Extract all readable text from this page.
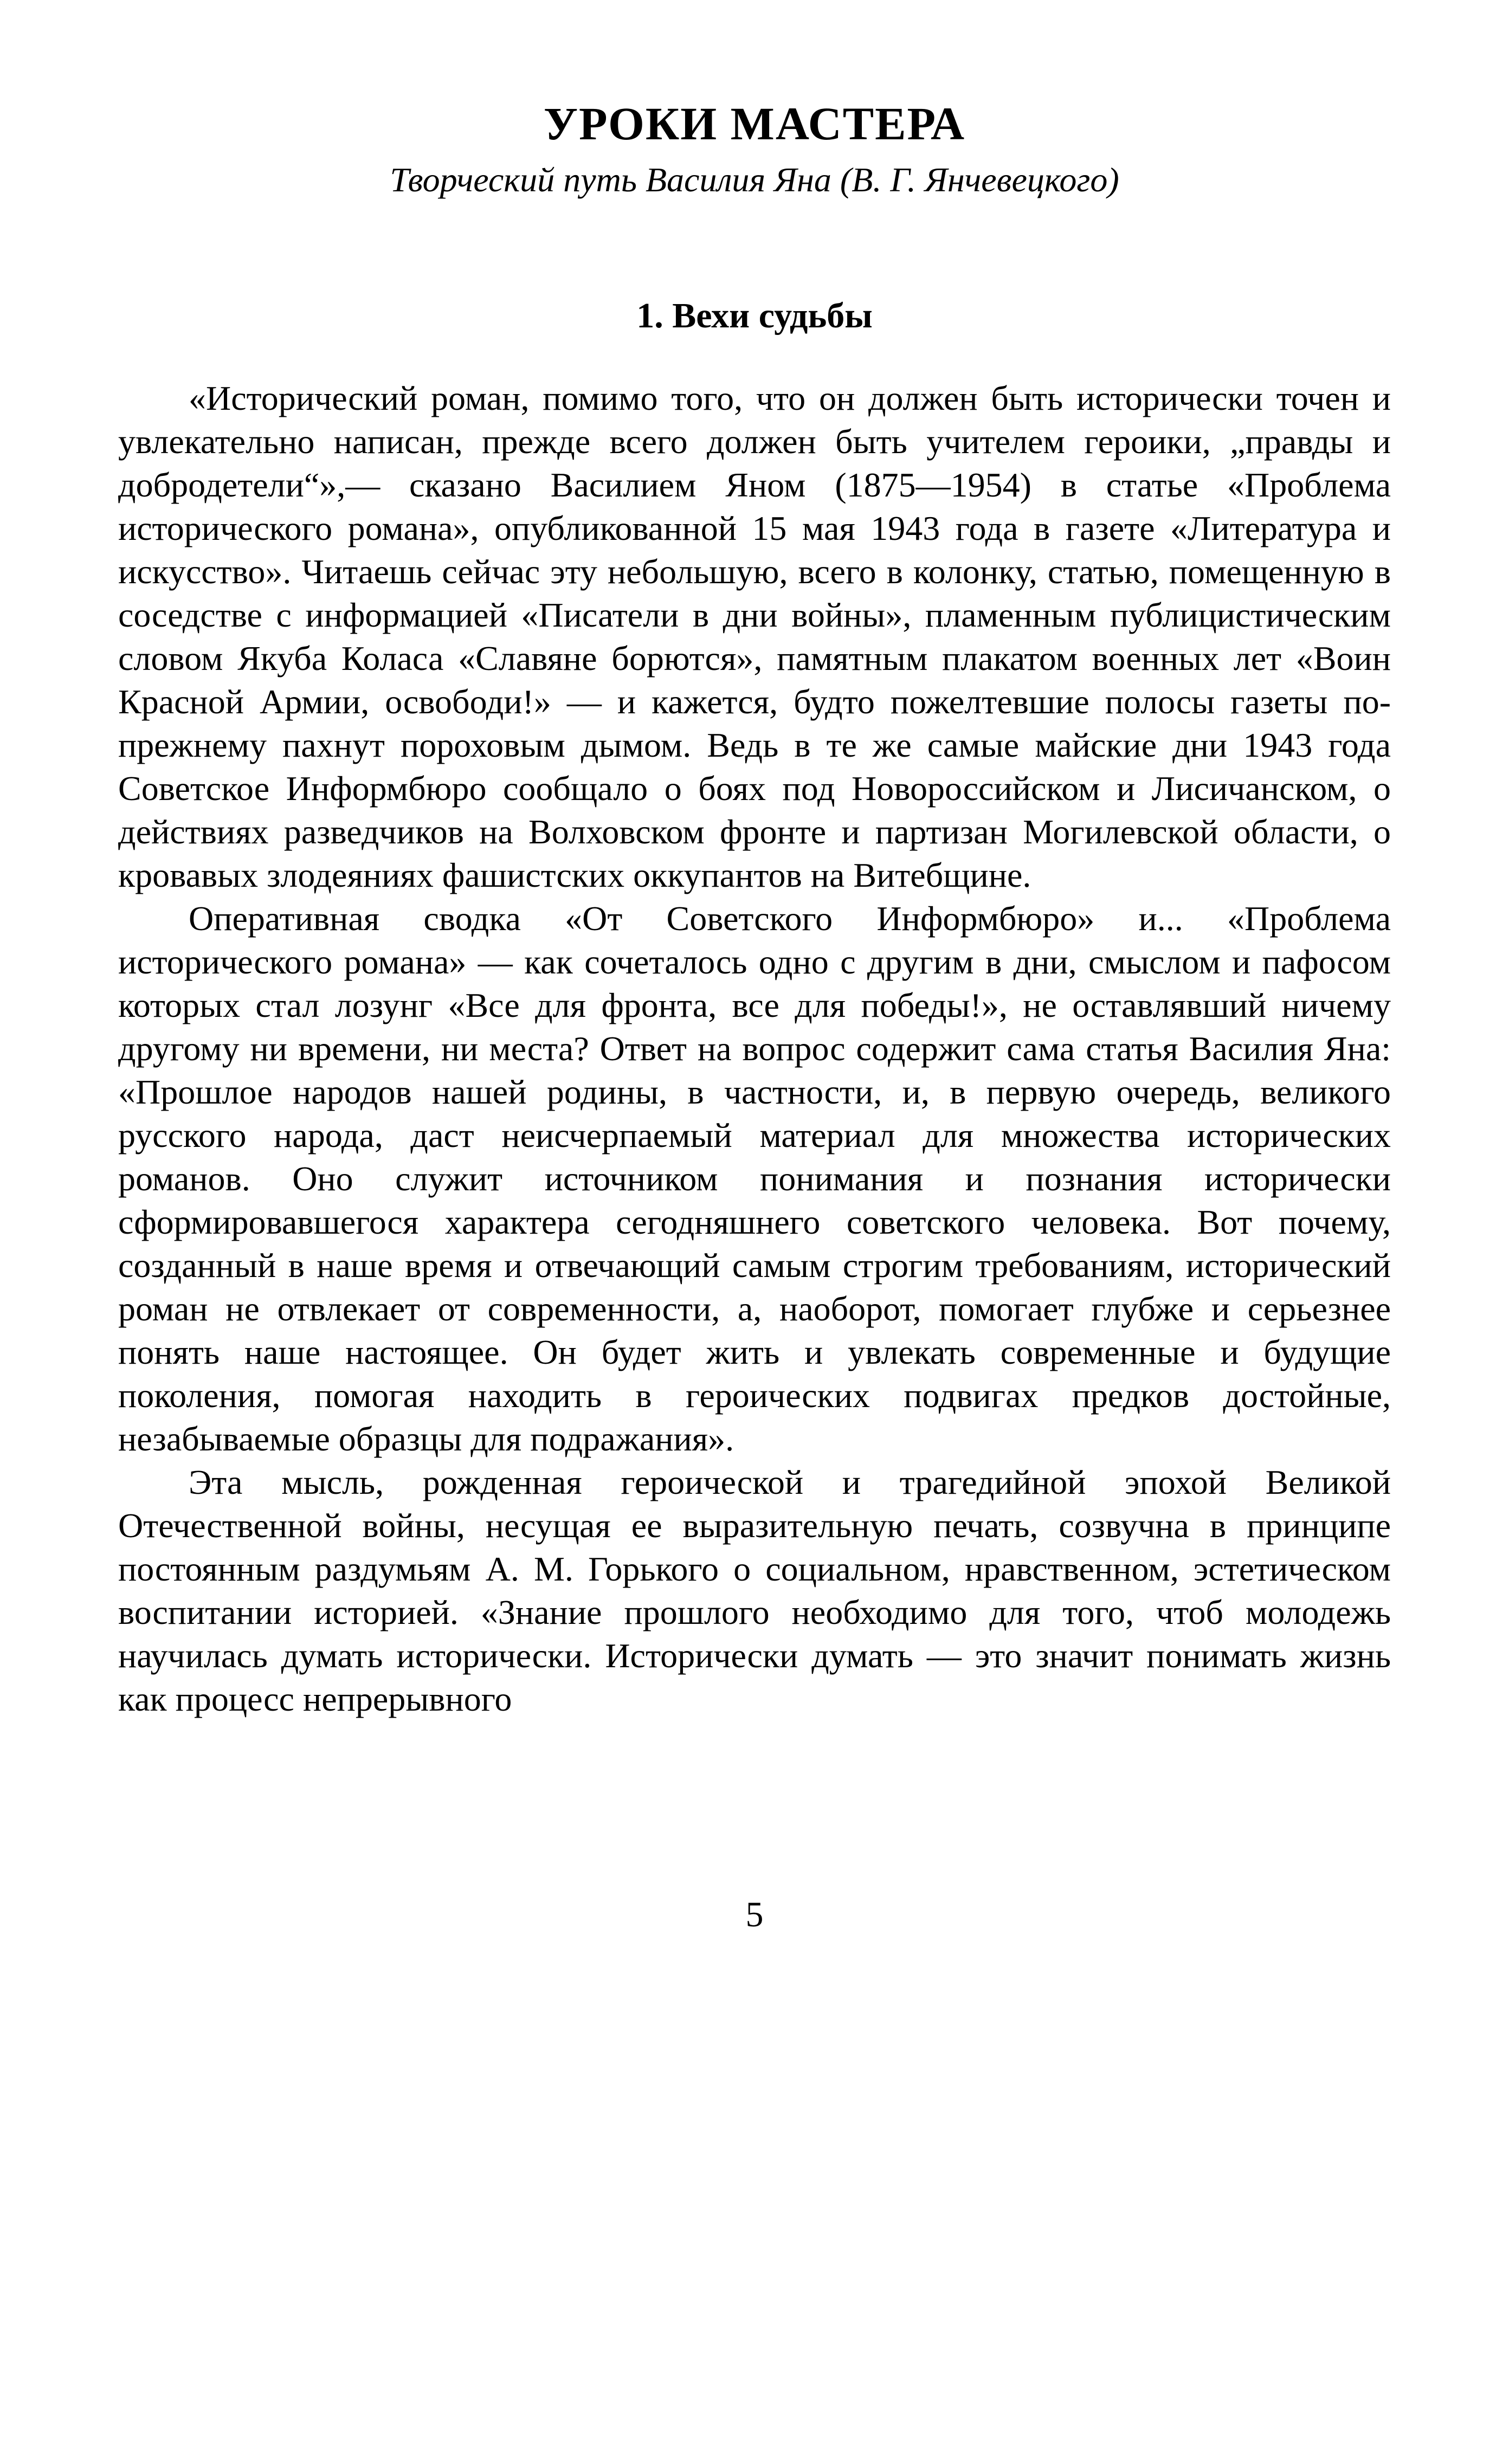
УРОКИ МАСТЕРА
Творческий путь Василия Яна (В. Г. Янчевецкого)
1. Вехи судьбы

«Исторический роман, помимо того, что он должен быть исторически точен и увлекательно написан, прежде всего должен быть учителем героики, „правды и добродетели“»,— сказано Василием Яном (1875—1954) в статье «Проблема исторического романа», опубликованной 15 мая 1943 года в газете «Литература и искусство». Читаешь сейчас эту небольшую, всего в колонку, статью, помещенную в соседстве с информацией «Писатели в дни войны», пламенным публицистическим словом Якуба Коласа «Славяне борются», памятным плакатом военных лет «Воин Красной Армии, освободи!» — и кажется, будто пожелтевшие полосы газеты по-прежнему пахнут пороховым дымом. Ведь в те же самые майские дни 1943 года Советское Информбюро сообщало о боях под Новороссийском и Лисичанском, о действиях разведчиков на Волховском фронте и партизан Могилевской области, о кровавых злодеяниях фашистских оккупантов на Витебщине.

Оперативная сводка «От Советского Информбюро» и... «Проблема исторического романа» — как сочеталось одно с другим в дни, смыслом и пафосом которых стал лозунг «Все для фронта, все для победы!», не оставлявший ничему другому ни времени, ни места? Ответ на вопрос содержит сама статья Василия Яна: «Прошлое народов нашей родины, в частности, и, в первую очередь, великого русского народа, даст неисчерпаемый материал для множества исторических романов. Оно служит источником понимания и познания исторически сформировавшегося характера сегодняшнего советского человека. Вот почему, созданный в наше время и отвечающий самым строгим требованиям, исторический роман не отвлекает от современности, а, наоборот, помогает глубже и серьезнее понять наше настоящее. Он будет жить и увлекать современные и будущие поколения, помогая находить в героических подвигах предков достойные, незабываемые образцы для подражания».

Эта мысль, рожденная героической и трагедийной эпохой Великой Отечественной войны, несущая ее выразительную печать, созвучна в принципе постоянным раздумьям А. М. Горького о социальном, нравственном, эстетическом воспитании историей. «Знание прошлого необходимо для того, чтоб молодежь научилась думать исторически. Исторически думать — это значит понимать жизнь как процесс непрерывного

5
